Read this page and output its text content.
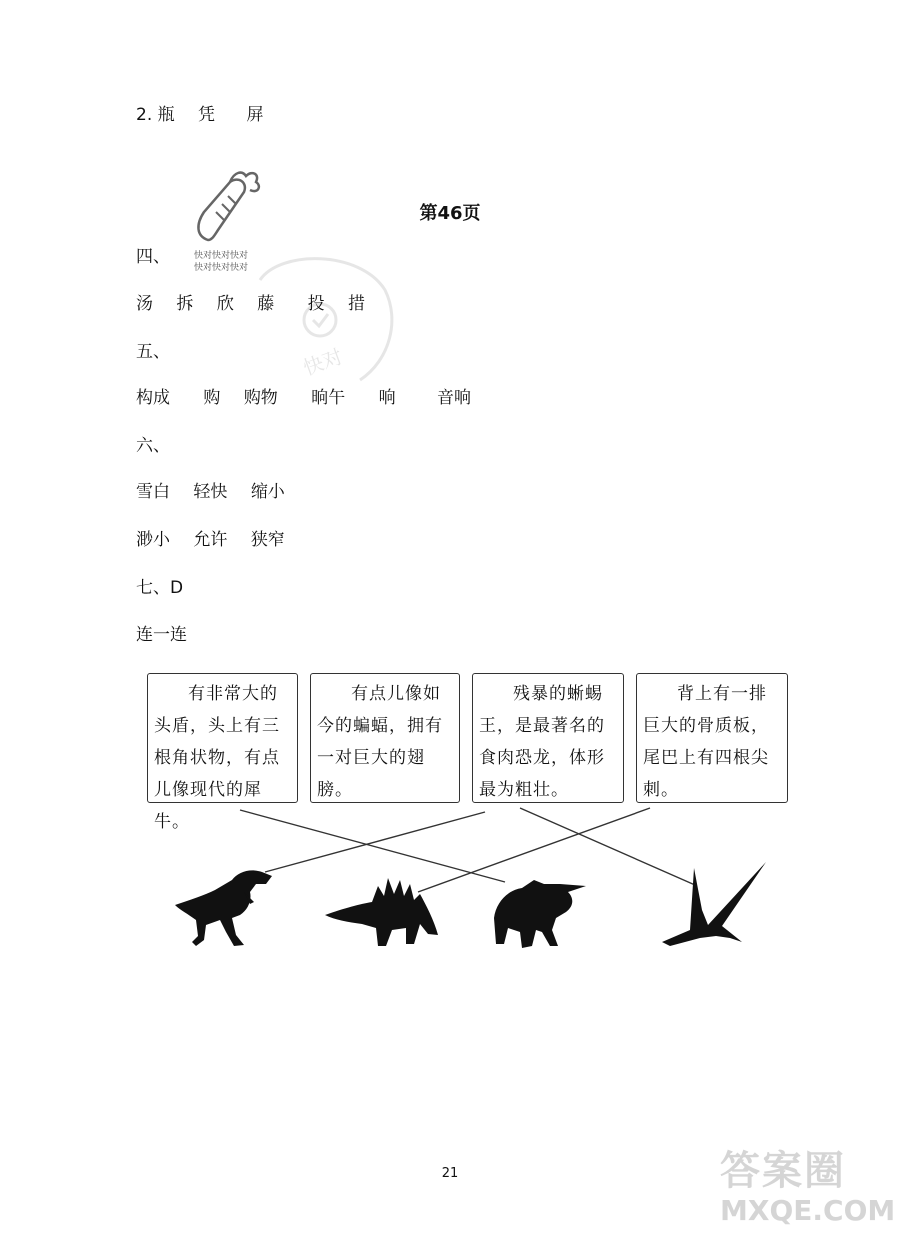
2. 瓶 凭 屏
快对快对快对
快对快对快对
快对
第46页
四、
汤 拆 欣 藤 投 措
五、
构成 购 购物 晌午 响 音响
六、
雪白 轻快 缩小
渺小 允许 狭窄
七、D
连一连

有非常大的头盾，头上有三根角状物，有点儿像现代的犀牛。

有点儿像如今的蝙蝠，拥有一对巨大的翅膀。

残暴的蜥蜴王，是最著名的食肉恐龙，体形最为粗壮。

背上有一排巨大的骨质板，尾巴上有四根尖刺。

21	答案圈
MXQE.COM
